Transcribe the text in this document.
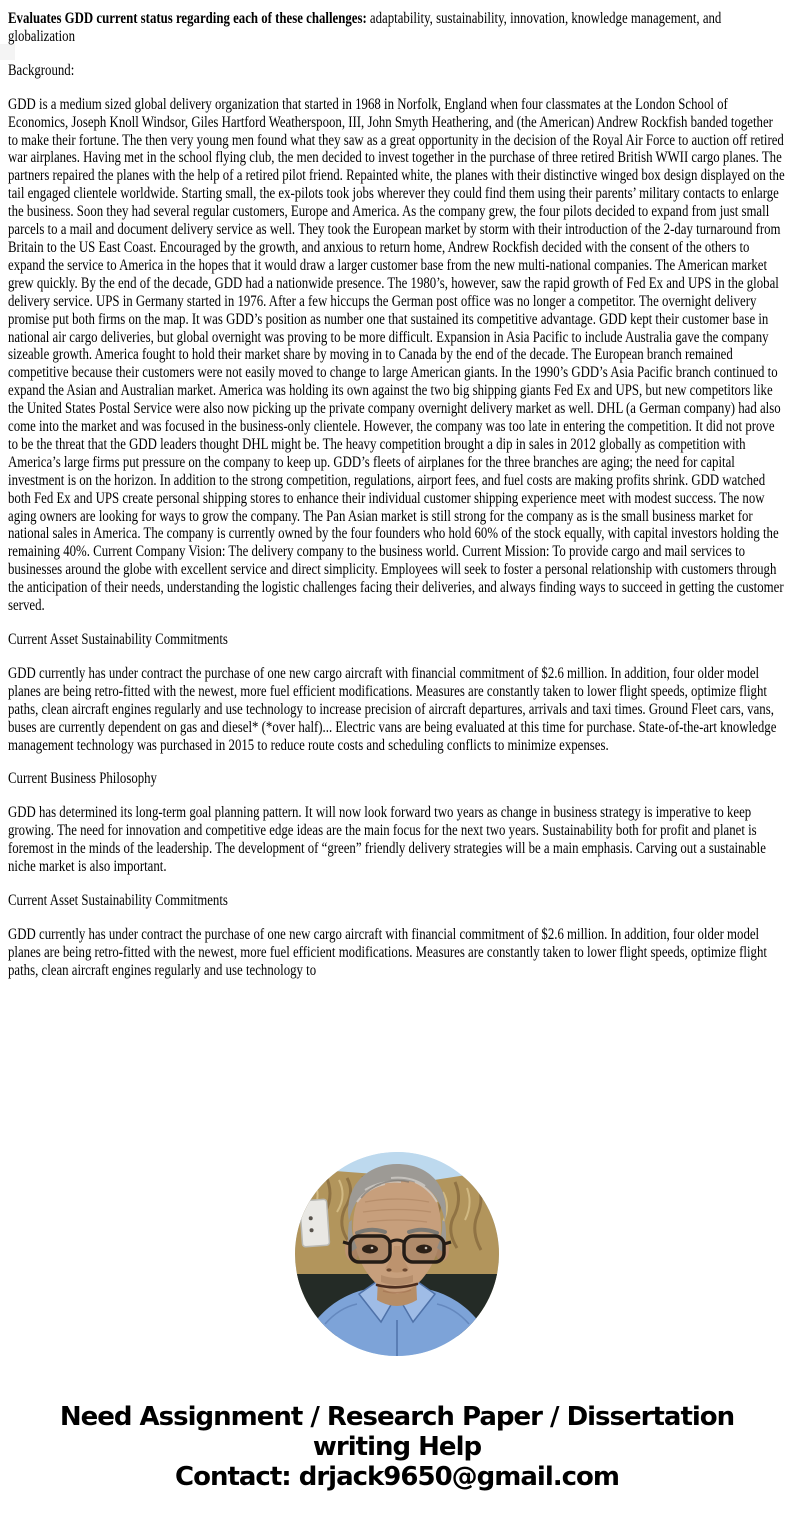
Evaluates GDD current status regarding each of these challenges: adaptability, sustainability, innovation, knowledge management, and globalization

Background:

GDD is a medium sized global delivery organization that started in 1968 in Norfolk, England when four classmates at the London School of Economics, Joseph Knoll Windsor, Giles Hartford Weatherspoon, III, John Smyth Heathering, and (the American) Andrew Rockfish banded together to make their fortune. The then very young men found what they saw as a great opportunity in the decision of the Royal Air Force to auction off retired war airplanes. Having met in the school flying club, the men decided to invest together in the purchase of three retired British WWII cargo planes. The partners repaired the planes with the help of a retired pilot friend. Repainted white, the planes with their distinctive winged box design displayed on the tail engaged clientele worldwide. Starting small, the ex-pilots took jobs wherever they could find them using their parents’ military contacts to enlarge the business. Soon they had several regular customers, Europe and America. As the company grew, the four pilots decided to expand from just small parcels to a mail and document delivery service as well. They took the European market by storm with their introduction of the 2-day turnaround from Britain to the US East Coast. Encouraged by the growth, and anxious to return home, Andrew Rockfish decided with the consent of the others to expand the service to America in the hopes that it would draw a larger customer base from the new multi-national companies. The American market grew quickly. By the end of the decade, GDD had a nationwide presence. The 1980’s, however, saw the rapid growth of Fed Ex and UPS in the global delivery service. UPS in Germany started in 1976. After a few hiccups the German post office was no longer a competitor. The overnight delivery promise put both firms on the map. It was GDD’s position as number one that sustained its competitive advantage. GDD kept their customer base in national air cargo deliveries, but global overnight was proving to be more difficult. Expansion in Asia Pacific to include Australia gave the company sizeable growth. America fought to hold their market share by moving in to Canada by the end of the decade. The European branch remained competitive because their customers were not easily moved to change to large American giants. In the 1990’s GDD’s Asia Pacific branch continued to expand the Asian and Australian market. America was holding its own against the two big shipping giants Fed Ex and UPS, but new competitors like the United States Postal Service were also now picking up the private company overnight delivery market as well. DHL (a German company) had also come into the market and was focused in the business-only clientele. However, the company was too late in entering the competition. It did not prove to be the threat that the GDD leaders thought DHL might be. The heavy competition brought a dip in sales in 2012 globally as competition with America’s large firms put pressure on the company to keep up. GDD’s fleets of airplanes for the three branches are aging; the need for capital investment is on the horizon. In addition to the strong competition, regulations, airport fees, and fuel costs are making profits shrink. GDD watched both Fed Ex and UPS create personal shipping stores to enhance their individual customer shipping experience meet with modest success. The now aging owners are looking for ways to grow the company. The Pan Asian market is still strong for the company as is the small business market for national sales in America. The company is currently owned by the four founders who hold 60% of the stock equally, with capital investors holding the remaining 40%. Current Company Vision: The delivery company to the business world. Current Mission: To provide cargo and mail services to businesses around the globe with excellent service and direct simplicity. Employees will seek to foster a personal relationship with customers through the anticipation of their needs, understanding the logistic challenges facing their deliveries, and always finding ways to succeed in getting the customer served.

Current Asset Sustainability Commitments

GDD currently has under contract the purchase of one new cargo aircraft with financial commitment of $2.6 million. In addition, four older model planes are being retro-fitted with the newest, more fuel efficient modifications. Measures are constantly taken to lower flight speeds, optimize flight paths, clean aircraft engines regularly and use technology to increase precision of aircraft departures, arrivals and taxi times. Ground Fleet cars, vans, buses are currently dependent on gas and diesel* (*over half)... Electric vans are being evaluated at this time for purchase. State-of-the-art knowledge management technology was purchased in 2015 to reduce route costs and scheduling conflicts to minimize expenses.

Current Business Philosophy

GDD has determined its long-term goal planning pattern. It will now look forward two years as change in business strategy is imperative to keep growing. The need for innovation and competitive edge ideas are the main focus for the next two years. Sustainability both for profit and planet is foremost in the minds of the leadership. The development of “green” friendly delivery strategies will be a main emphasis. Carving out a sustainable niche market is also important.

Current Asset Sustainability Commitments

GDD currently has under contract the purchase of one new cargo aircraft with financial commitment of $2.6 million. In addition, four older model planes are being retro-fitted with the newest, more fuel efficient modifications. Measures are constantly taken to lower flight speeds, optimize flight paths, clean aircraft engines regularly and use technology to

Need Assignment / Research Paper / Dissertation
writing Help
Contact: drjack9650@gmail.com
